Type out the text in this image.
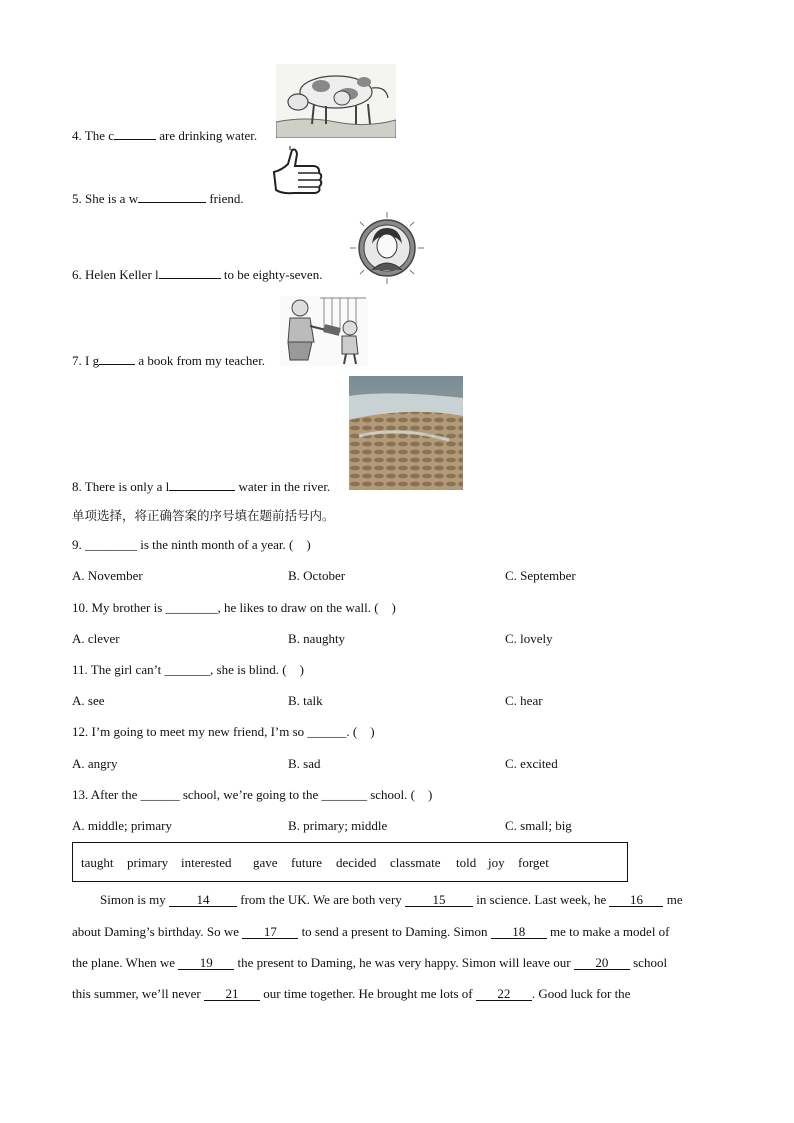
4. The c	are drinking water.
5. She is a w	friend.
6. Helen Keller l	to be eighty-seven.
7. I g	a book from my teacher.
8. There is only a l	water in the river.
单项选择，将正确答案的序号填在题前括号内。
9. ________ is the ninth month of a year. (    )
A. November	B. October	C. September
10. My brother is ________, he likes to draw on the wall. (    )
A. clever	B. naughty	C. lovely
11. The girl can’t _______, she is blind. (    )
A. see	B. talk	C. hear
12. I’m going to meet my new friend, I’m so ______. (    )
A. angry	B. sad	C. excited
13. After the ______ school, we’re going to the _______ school. (    )
A. middle; primary	B. primary; middle	C. small; big
taught primary interested gave future decided classmate told joy forget
Simon is my 14 from the UK. We are both very 15 in science. Last week, he 16 me
about Daming’s birthday. So we 17 to send a present to Daming. Simon 18 me to make a model of
the plane. When we 19 the present to Daming, he was very happy. Simon will leave our 20 school
this summer, we’ll never 21 our time together. He brought me lots of 22 . Good luck for the
